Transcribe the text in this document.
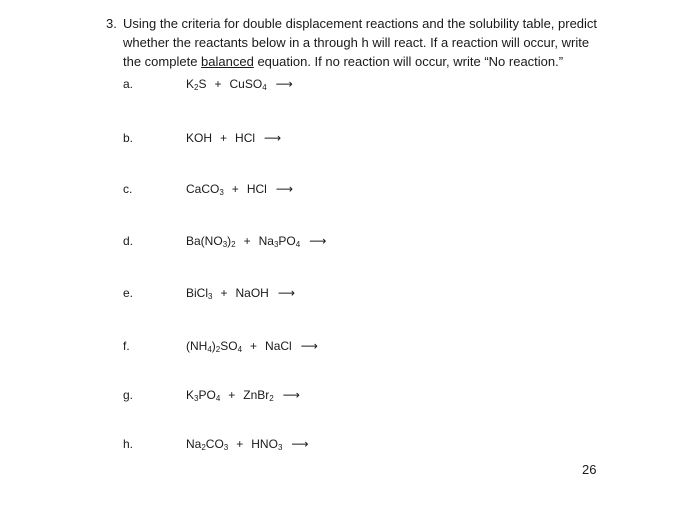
3. Using the criteria for double displacement reactions and the solubility table, predict whether the reactants below in a through h will react. If a reaction will occur, write the complete balanced equation. If no reaction will occur, write “No reaction.”
a.	$K_2S$ + CuSO$_4$ ⟶
b.	KOH + HCl ⟶
c.	CaCO$_3$ + HCl ⟶
d.	$Ba(NO_3)_2 + Na_3PO_4$ ⟶
e.	BiCl$_3$ + NaOH ⟶
f.	$(NH_4)_2SO_4$ + NaCl ⟶
g.	$K_3PO_4$ + ZnBr$_2$ ⟶
h.	$Na_2CO_3 + HNO_3$ ⟶
26
